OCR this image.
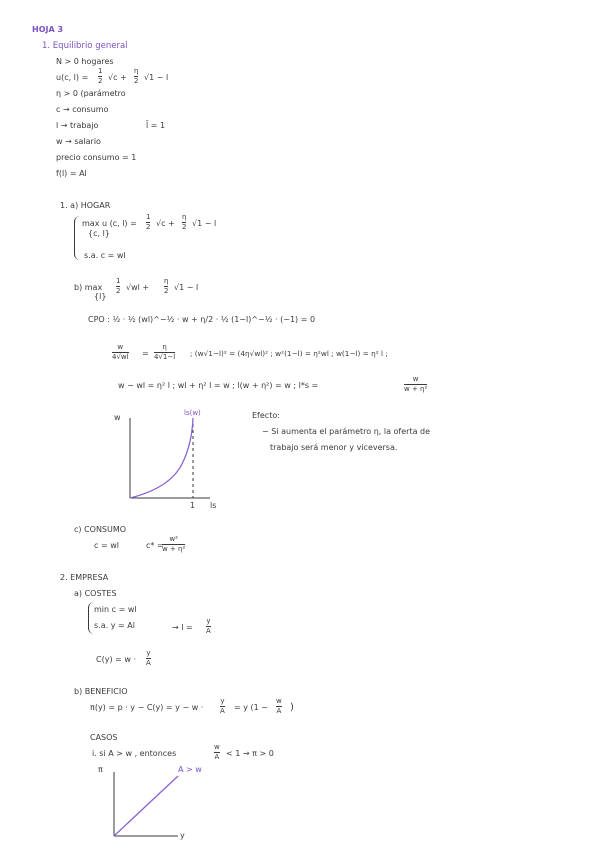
HOJA 3
1. Equilibrio general
N > 0 hogares
u(c, l) =
1
2 √c +
η
2 √1 − l
η > 0 (parámetro
c → consumo
l → trabajo	l̄ = 1
w → salario
precio consumo = 1
f(l) = Al
1. a) HOGAR
max u (c, l) =
1
2 √c +
η
2 √1 − l
{c, l}
s.a. c = wl
b) max
{l}
1
2 √wl +
η
2 √1 − l
CPO : ½ · ½ (wl)^−½ · w + η/2 · ½ (1−l)^−½ · (−1) = 0
w
4√wl =
η
4√1−l ; (w√1−l)² = (4η√wl)² ; w²(1−l) = η²wl ; w(1−l) = η² l ;
w − wl = η² l ; wl + η² l = w ; l(w + η²) = w ; l*s =
w
w + η²
w	ls(w)
1 ls
Efecto:
− Si aumenta el parámetro η, la oferta de
trabajo será menor y viceversa.
c) CONSUMO
c = wl	c* =
w²
w + η²
2. EMPRESA
a) COSTES
min c = wl
s.a. y = Al	→ l =
y
A
C(y) = w ·
y
A
b) BENEFICIO
π(y) = p · y − C(y) = y − w ·
y
A = y (1 −
w
A )
CASOS
i. si A > w , entonces
w
A < 1 → π > 0
π	A > w
y
